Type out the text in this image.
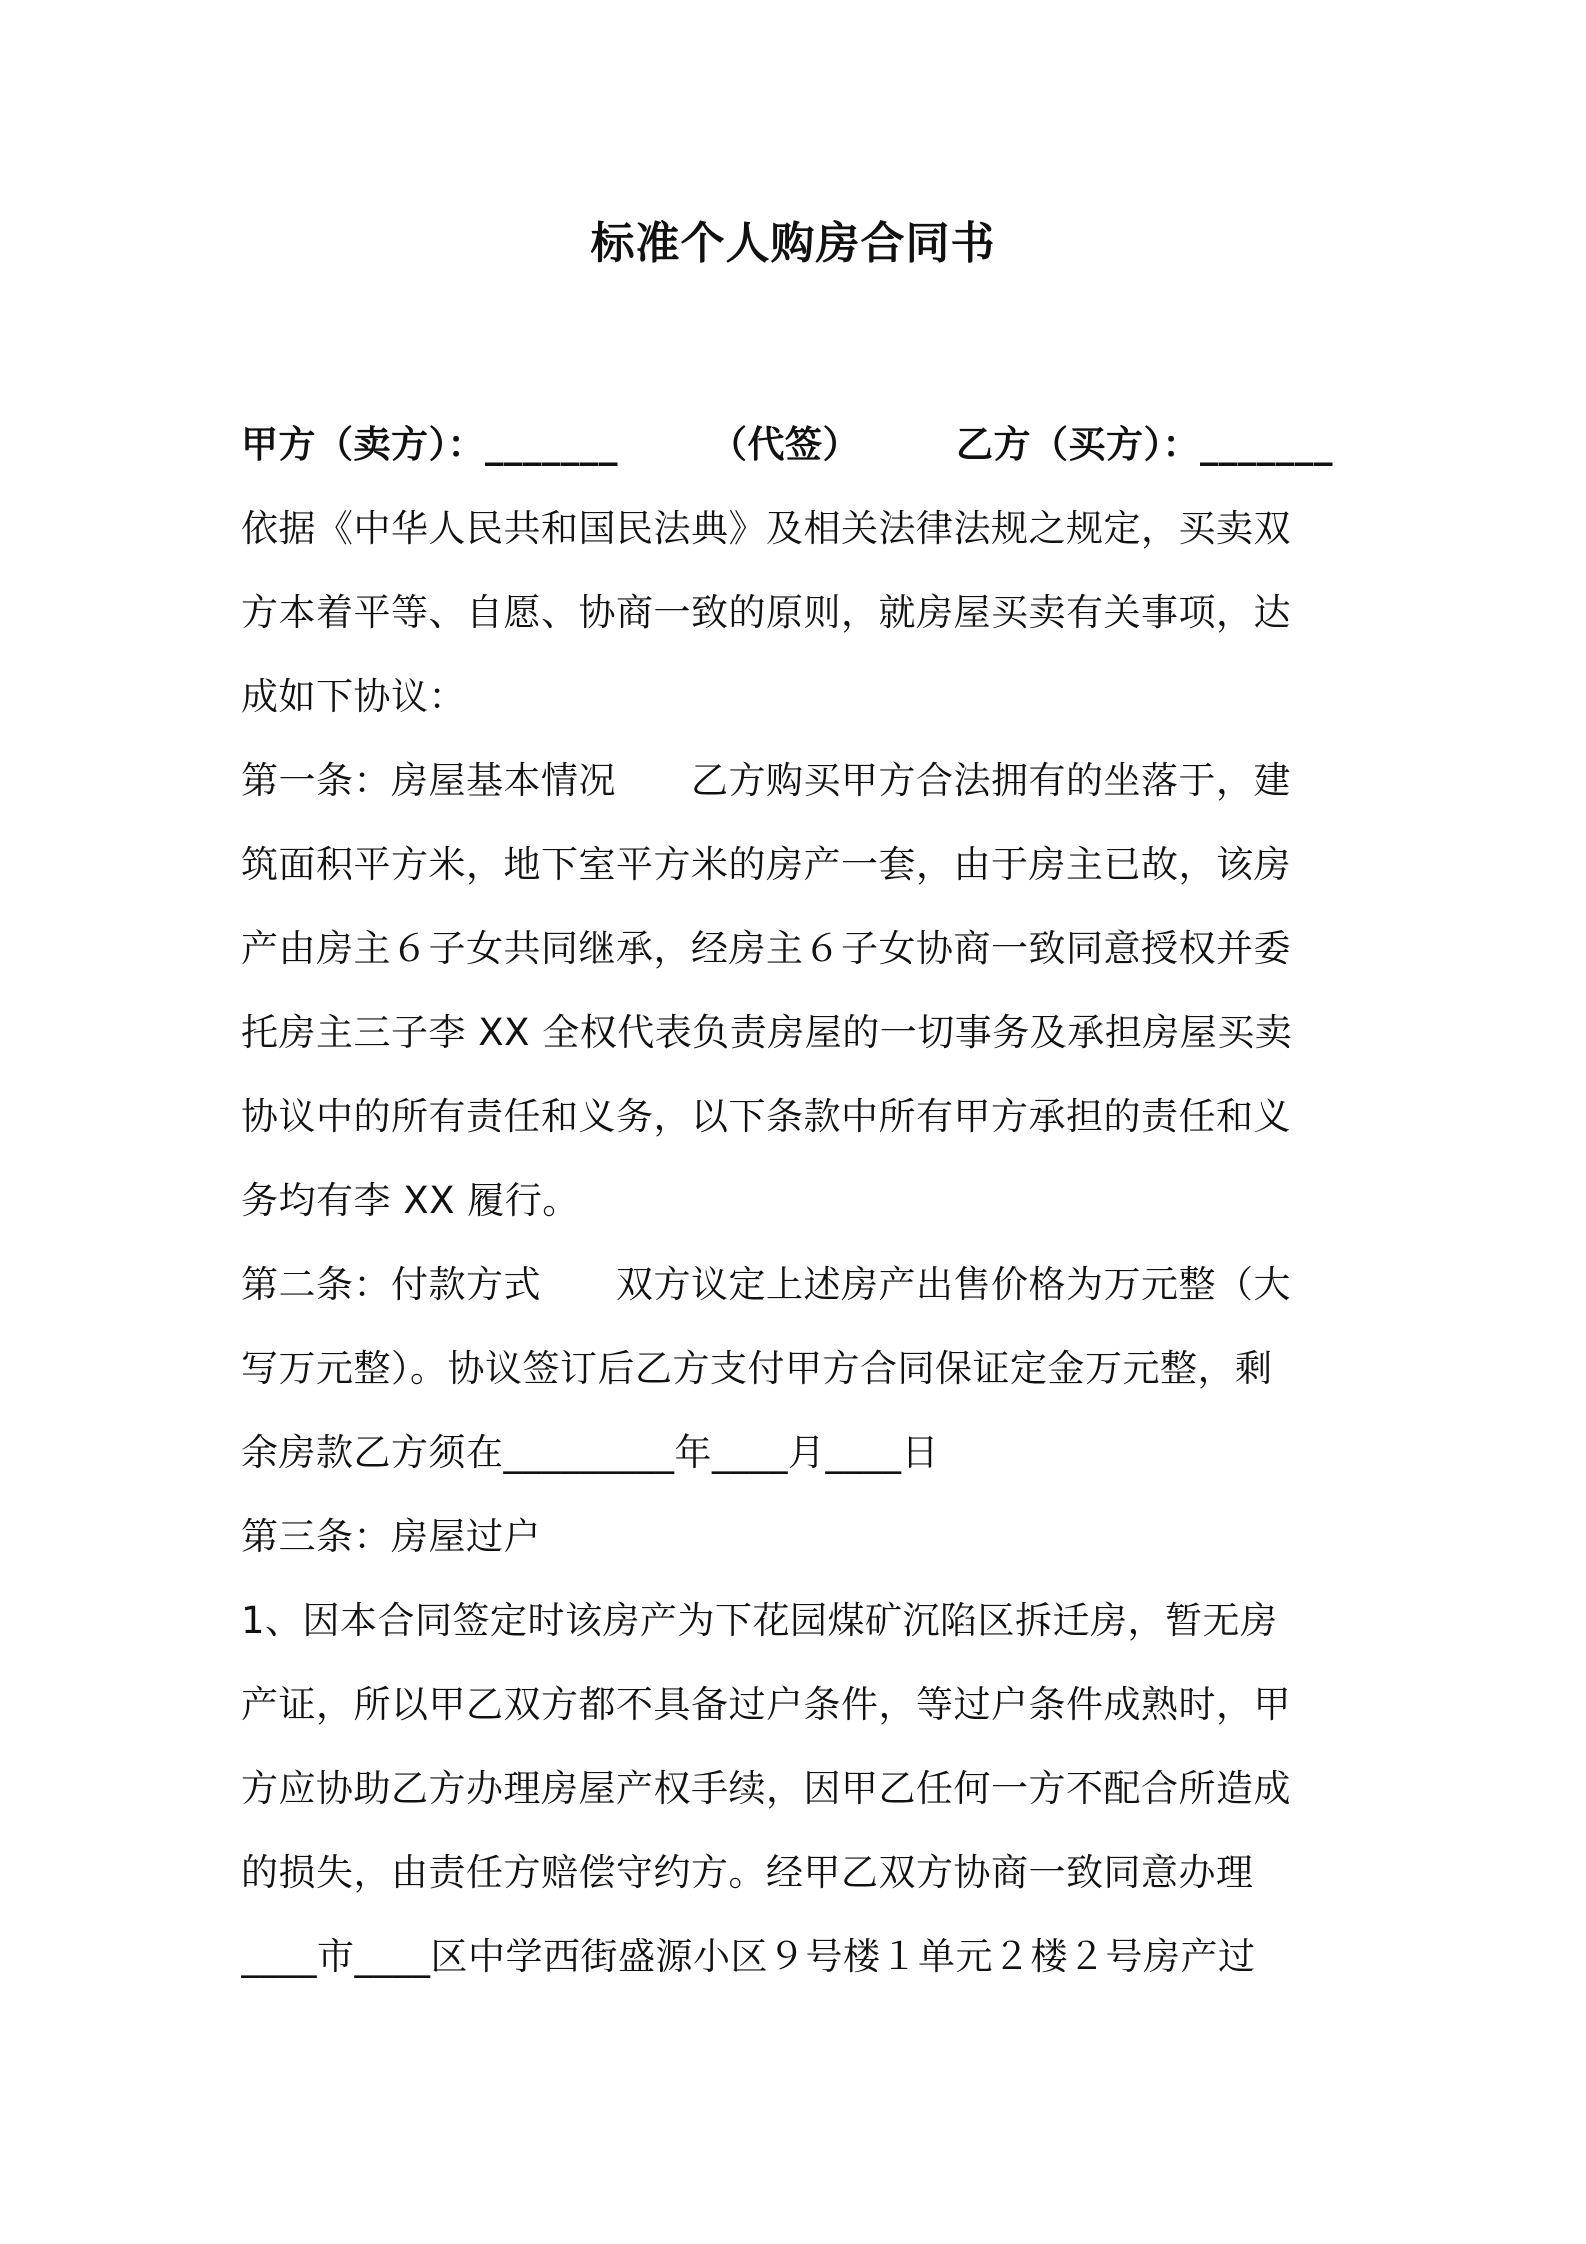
标准个人购房合同书
甲方（卖方）：_______ （代签）	乙方（买方）：_______
依据《中华人民共和国民法典》及相关法律法规之规定，买卖双
方本着平等、自愿、协商一致的原则，就房屋买卖有关事项，达
成如下协议：
第一条：房屋基本情况　　乙方购买甲方合法拥有的坐落于，建
筑面积平方米，地下室平方米的房产一套，由于房主已故，该房
产由房主６子女共同继承，经房主６子女协商一致同意授权并委
托房主三子李 XX 全权代表负责房屋的一切事务及承担房屋买卖
协议中的所有责任和义务，以下条款中所有甲方承担的责任和义
务均有李 XX 履行。
第二条：付款方式　　双方议定上述房产出售价格为万元整（大
写万元整）。协议签订后乙方支付甲方合同保证定金万元整，剩
余房款乙方须在_________年____月____日
第三条：房屋过户
1、因本合同签定时该房产为下花园煤矿沉陷区拆迁房，暂无房
产证，所以甲乙双方都不具备过户条件，等过户条件成熟时，甲
方应协助乙方办理房屋产权手续，因甲乙任何一方不配合所造成
的损失，由责任方赔偿守约方。经甲乙双方协商一致同意办理
____市____区中学西街盛源小区９号楼１单元２楼２号房产过
